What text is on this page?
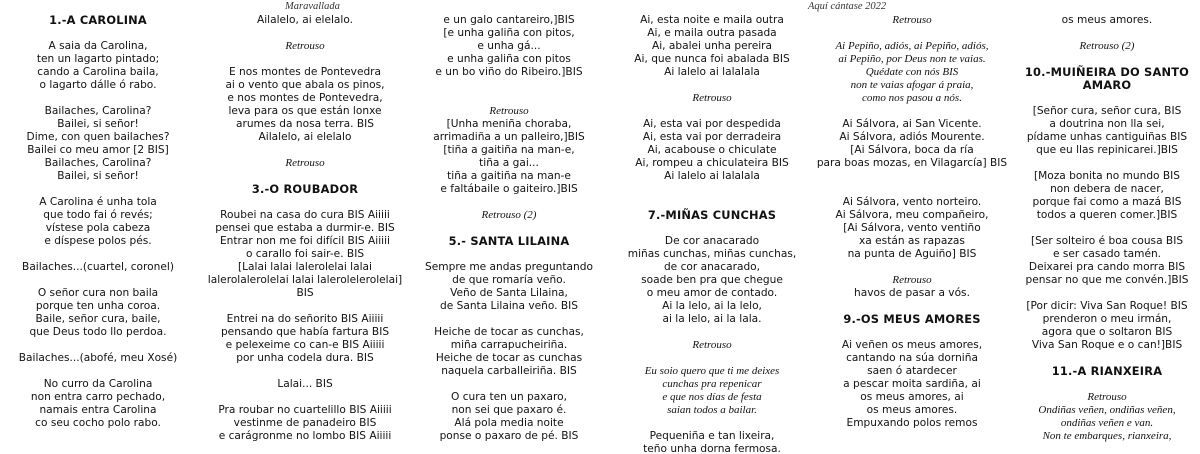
Maravallada	Aquí cántase 2022
1.-A CAROLINA
A saia da Carolina,
ten un lagarto pintado;
cando a Carolina baila,
o lagarto dálle ó rabo.
Bailaches, Carolina?
Bailei, si señor!
Dime, con quen bailaches?
Bailei co meu amor [2 BIS]
Bailaches, Carolina?
Bailei, si señor!
A Carolina é unha tola
que todo fai ó revés;
vístese pola cabeza
e díspese polos pés.
Bailaches...(cuartel, coronel)
O señor cura non baila
porque ten unha coroa.
Baile, señor cura, baile,
que Deus todo llo perdoa.
Bailaches...(abofé, meu Xosé)
No curro da Carolina
non entra carro pechado,
namais entra Carolina
co seu cocho polo rabo.
Ailalelo, ai elelalo.
Retrouso
E nos montes de Pontevedra
ai o vento que abala os pinos,
e nos montes de Pontevedra,
leva para os que están lonxe
arumes da nosa terra. BIS
Ailalelo, ai elelalo
Retrouso
3.-O ROUBADOR
Roubei na casa do cura BIS Aiiiii
pensei que estaba a durmir-e. BIS
Entrar non me foi difícil BIS Aiiiii
o carallo foi sair-e. BIS
[Lalai lalai lalerolelai lalai
lalerolalerolelai lalai lalerolelerolelai]
BIS
Entrei na do señorito BIS Aiiiii
pensando que había fartura BIS
e pelexeime co can-e BIS Aiiiii
por unha codela dura. BIS
Lalai... BIS
Pra roubar no cuartelillo BIS Aiiiii
vestinme de panadeiro BIS
e carágronme no lombo BIS Aiiiii
e un galo cantareiro,]BIS
[e unha galiña con pitos,
e unha gá...
e unha galiña con pitos
e un bo viño do Ribeiro.]BIS
Retrouso
[Unha meniña choraba,
arrimadiña a un palleiro,]BIS
[tiña a gaitiña na man-e,
tiña a gai...
tiña a gaitiña na man-e
e faltábaile o gaiteiro.]BIS
Retrouso (2)
5.- SANTA LILAINA
Sempre me andas preguntando
de que romaría veño.
Veño de Santa Lilaina,
de Santa Lilaina veño. BIS
Heiche de tocar as cunchas,
miña carrapucheiriña.
Heiche de tocar as cunchas
naquela carballeiriña. BIS
O cura ten un paxaro,
non sei que paxaro é.
Alá pola media noite
ponse o paxaro de pé. BIS
Ai, esta noite e maila outra
Ai, e maila outra pasada
Ai, abalei unha pereira
Ai, que nunca foi abalada BIS
Ai lalelo ai lalalala
Retrouso
Ai, esta vai por despedida
Ai, esta vai por derradeira
Ai, acabouse o chiculate
Ai, rompeu a chiculateira BIS
Ai lalelo ai lalalala
7.-MIÑAS CUNCHAS
De cor anacarado
miñas cunchas, miñas cunchas,
de cor anacarado,
soade ben pra que chegue
o meu amor de contado.
Ai la lelo, ai la lelo,
ai la lelo, ai la lala.
Retrouso
Eu soio quero que ti me deixes
cunchas pra repenicar
e que nos días de festa
saian todos a bailar.
Pequeniña e tan lixeira,
teño unha dorna fermosa.
Retrouso
Ai Pepiño, adiós, ai Pepiño, adiós,
ai Pepiño, por Deus non te vaias.
Quédate con nós BIS
non te vaias afogar á praia,
como nos pasou a nós.
Ai Sálvora, ai San Vicente.
Ai Sálvora, adiós Mourente.
[Ai Sálvora, boca da ría
para boas mozas, en Vilagarcía] BIS
Ai Sálvora, vento norteiro.
Ai Sálvora, meu compañeiro,
[Ai Sálvora, vento ventiño
xa están as rapazas
na punta de Aguiño] BIS
Retrouso
havos de pasar a vós.
9.-OS MEUS AMORES
Ai veñen os meus amores,
cantando na súa dorniña
saen ó atardecer
a pescar moita sardiña, ai
os meus amores, ai
os meus amores.
Empuxando polos remos
os meus amores.
Retrouso (2)
10.-MUIÑEIRA DO SANTO
AMARO
[Señor cura, señor cura, BIS
a doutrina non lla sei,
pídame unhas cantiguiñas BIS
que eu llas repinicarei.]BIS
[Moza bonita no mundo BIS
non debera de nacer,
porque fai como a mazá BIS
todos a queren comer.]BIS
[Ser solteiro é boa cousa BIS
e ser casado tamén.
Deixarei pra cando morra BIS
pensar no que me convén.]BIS
[Por dicir: Viva San Roque! BIS
prenderon o meu irmán,
agora que o soltaron BIS
Viva San Roque e o can!]BIS
11.-A RIANXEIRA
Retrouso
Ondiñas veñen, ondiñas veñen,
ondiñas veñen e van.
Non te embarques, rianxeira,
